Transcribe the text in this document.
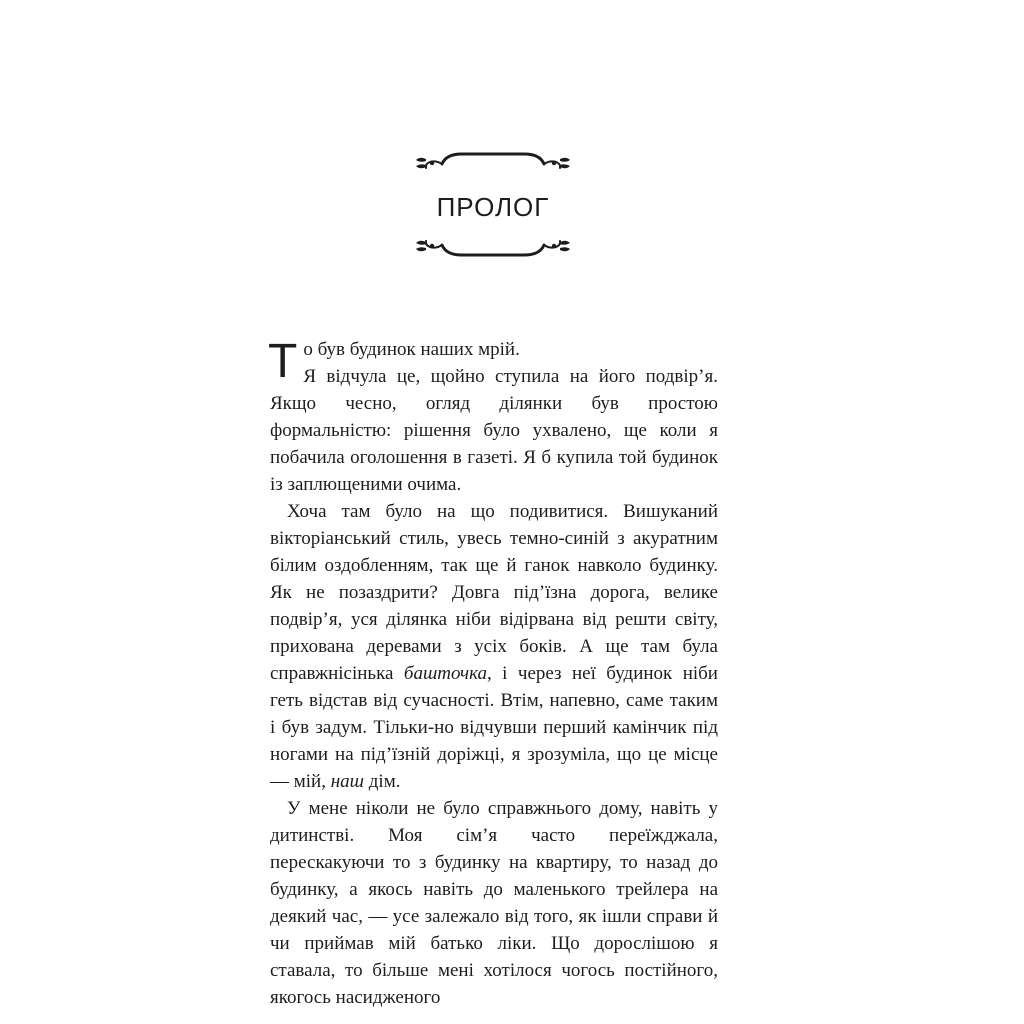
ПРОЛОГ

То був будинок наших мрій.

Я відчула це, щойно ступила на його подвір’я. Якщо чесно, огляд ділянки був простою формальністю: рішення було ухвалено, ще коли я побачила оголошення в газеті. Я б купила той будинок із заплющеними очима.

Хоча там було на що подивитися. Вишуканий вікторіанський стиль, увесь темно-синій з акуратним білим оздобленням, так ще й ганок навколо будинку. Як не позаздрити? Довга під’їзна дорога, велике подвір’я, уся ділянка ніби відірвана від решти світу, прихована деревами з усіх боків. А ще там була справжнісінька башточка, і через неї будинок ніби геть відстав від сучасності. Втім, напевно, саме таким і був задум. Тільки-но відчувши перший камінчик під ногами на під’їзній доріжці, я зрозуміла, що це місце — мій, наш дім.

У мене ніколи не було справжнього дому, навіть у дитинстві. Моя сім’я часто переїжджала, перескакуючи то з будинку на квартиру, то назад до будинку, а якось навіть до маленького трейлера на деякий час, — усе залежало від того, як ішли справи й чи приймав мій батько ліки. Що дорослішою я ставала, то більше мені хотілося чогось постійного, якогось насидженого
